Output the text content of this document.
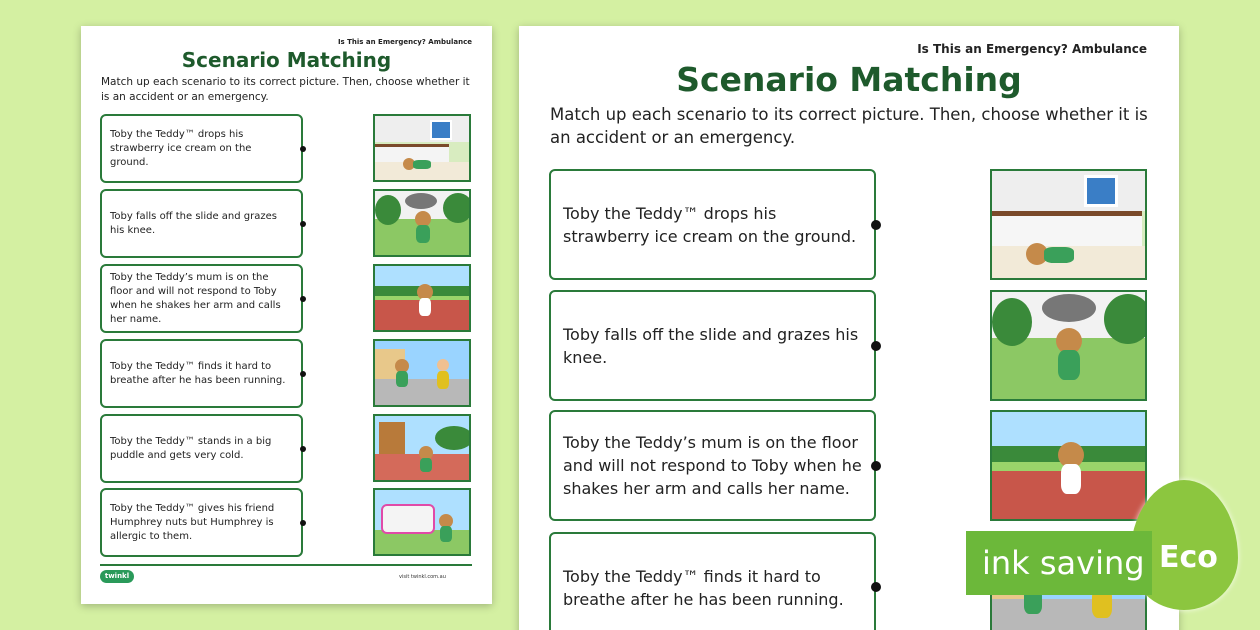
Is This an Emergency? Ambulance
Scenario Matching
Match up each scenario to its correct picture. Then, choose whether it is an accident or an emergency.
Toby the Teddy™ drops his strawberry ice cream on the ground.
Toby falls off the slide and grazes his knee.
Toby the Teddy’s mum is on the floor and will not respond to Toby when he shakes her arm and calls her name.
Toby the Teddy™ finds it hard to breathe after he has been running.
Toby the Teddy™ stands in a big puddle and gets very cold.
Toby the Teddy™ gives his friend Humphrey nuts but Humphrey is allergic to them.
twinkl	visit twinkl.com.au
Is This an Emergency? Ambulance
Scenario Matching
Match up each scenario to its correct picture. Then, choose whether it is an accident or an emergency.
Toby the Teddy™ drops his strawberry ice cream on the ground.
Toby falls off the slide and grazes his knee.
Toby the Teddy’s mum is on the floor and will not respond to Toby when he shakes her arm and calls her name.
Toby the Teddy™ finds it hard to breathe after he has been running.
ink saving Eco
